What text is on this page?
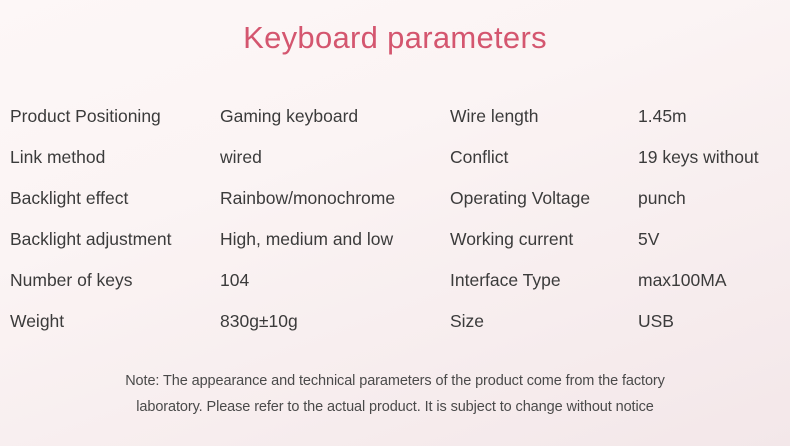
Keyboard parameters
Product Positioning	Gaming keyboard	Wire length	1.45m
Link method	wired	Conflict	19 keys without
Backlight effect	Rainbow/monochrome	Operating Voltage	punch
Backlight adjustment	High, medium and low	Working current	5V
Number of keys	104	Interface Type	max100MA
Weight	830g±10g	Size	USB
Note: The appearance and technical parameters of the product come from the factory
laboratory. Please refer to the actual product. It is subject to change without notice
